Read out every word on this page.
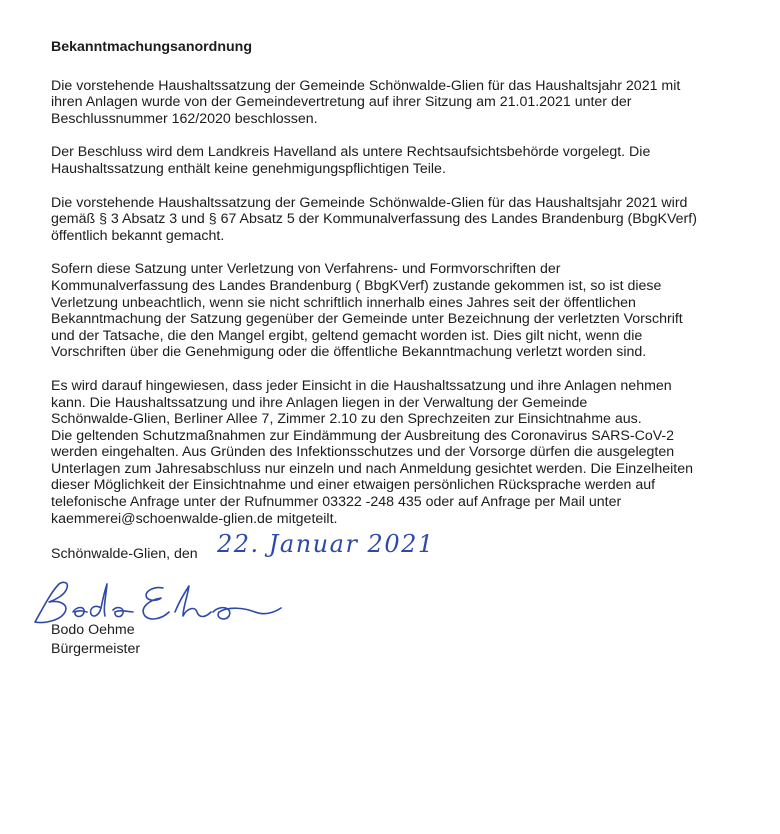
Bekanntmachungsanordnung
Die vorstehende Haushaltssatzung der Gemeinde Schönwalde-Glien für das Haushaltsjahr 2021 mit
ihren Anlagen wurde von der Gemeindevertretung auf ihrer Sitzung am 21.01.2021 unter der
Beschlussnummer 162/2020 beschlossen.
Der Beschluss wird dem Landkreis Havelland als untere Rechtsaufsichtsbehörde vorgelegt. Die
Haushaltssatzung enthält keine genehmigungspflichtigen Teile.
Die vorstehende Haushaltssatzung der Gemeinde Schönwalde-Glien für das Haushaltsjahr 2021 wird
gemäß § 3 Absatz 3 und § 67 Absatz 5 der Kommunalverfassung des Landes Brandenburg (BbgKVerf)
öffentlich bekannt gemacht.
Sofern diese Satzung unter Verletzung von Verfahrens- und Formvorschriften der
Kommunalverfassung des Landes Brandenburg ( BbgKVerf) zustande gekommen ist, so ist diese
Verletzung unbeachtlich, wenn sie nicht schriftlich innerhalb eines Jahres seit der öffentlichen
Bekanntmachung der Satzung gegenüber der Gemeinde unter Bezeichnung der verletzten Vorschrift
und der Tatsache, die den Mangel ergibt, geltend gemacht worden ist. Dies gilt nicht, wenn die
Vorschriften über die Genehmigung oder die öffentliche Bekanntmachung verletzt worden sind.
Es wird darauf hingewiesen, dass jeder Einsicht in die Haushaltssatzung und ihre Anlagen nehmen
kann. Die Haushaltssatzung und ihre Anlagen liegen in der Verwaltung der Gemeinde
Schönwalde-Glien, Berliner Allee 7, Zimmer 2.10 zu den Sprechzeiten zur Einsichtnahme aus.
Die geltenden Schutzmaßnahmen zur Eindämmung der Ausbreitung des Coronavirus SARS-CoV-2
werden eingehalten. Aus Gründen des Infektionsschutzes und der Vorsorge dürfen die ausgelegten
Unterlagen zum Jahresabschluss nur einzeln und nach Anmeldung gesichtet werden. Die Einzelheiten
dieser Möglichkeit der Einsichtnahme und einer etwaigen persönlichen Rücksprache werden auf
telefonische Anfrage unter der Rufnummer 03322 -248 435 oder auf Anfrage per Mail unter
kaemmerei@schoenwalde-glien.de mitgeteilt.
Schönwalde-Glien, den 22. Januar 2021
Bodo Oehme
Bürgermeister
